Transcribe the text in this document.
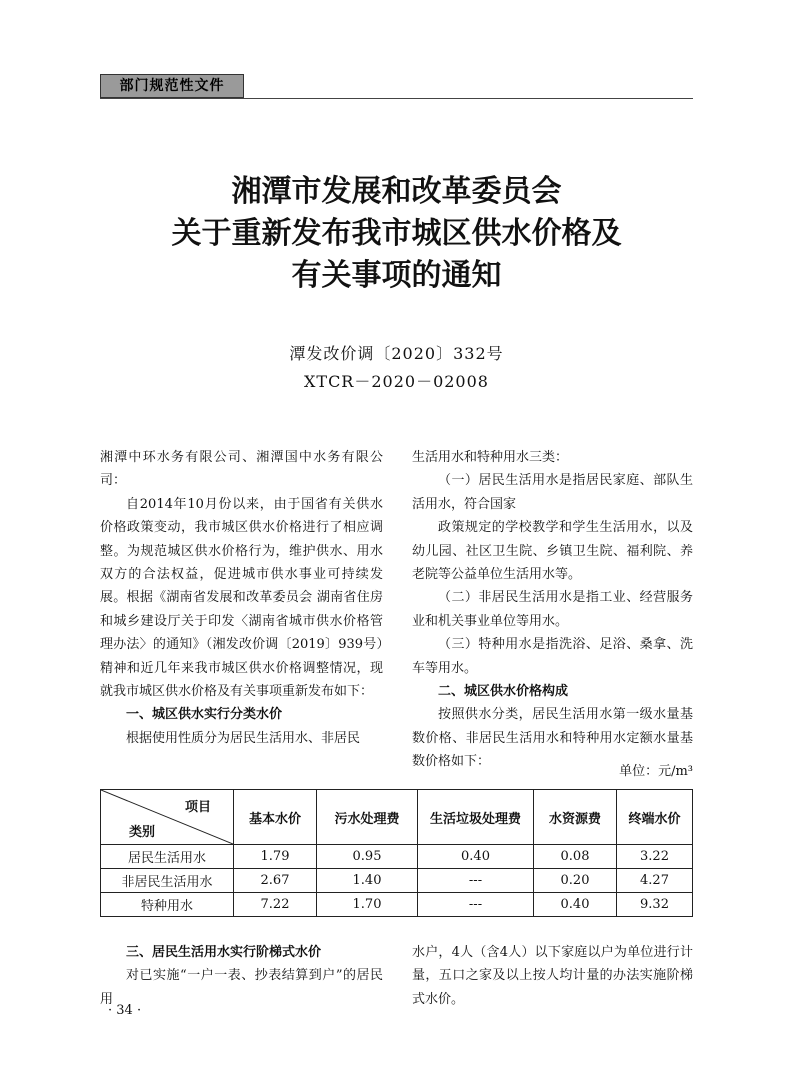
部门规范性文件
湘潭市发展和改革委员会
关于重新发布我市城区供水价格及
有关事项的通知
潭发改价调〔2020〕332号
XTCR－2020－02008

湘潭中环水务有限公司、湘潭国中水务有限公司：

自2014年10月份以来，由于国省有关供水价格政策变动，我市城区供水价格进行了相应调整。为规范城区供水价格行为，维护供水、用水双方的合法权益，促进城市供水事业可持续发展。根据《湖南省发展和改革委员会 湖南省住房和城乡建设厅关于印发〈湖南省城市供水价格管理办法〉的通知》（湘发改价调〔2019〕939号）精神和近几年来我市城区供水价格调整情况，现就我市城区供水价格及有关事项重新发布如下：

一、城区供水实行分类水价

根据使用性质分为居民生活用水、非居民

生活用水和特种用水三类：

（一）居民生活用水是指居民家庭、部队生活用水，符合国家

政策规定的学校教学和学生生活用水，以及幼儿园、社区卫生院、乡镇卫生院、福利院、养老院等公益单位生活用水等。

（二）非居民生活用水是指工业、经营服务业和机关事业单位等用水。

（三）特种用水是指洗浴、足浴、桑拿、洗车等用水。

二、城区供水价格构成

按照供水分类，居民生活用水第一级水量基数价格、非居民生活用水和特种用水定额水量基数价格如下：

单位：元/m³
项目
类别	基本水价	污水处理费	生活垃圾处理费	水资源费	终端水价
居民生活用水	1.79	0.95	0.40	0.08	3.22
非居民生活用水	2.67	1.40	---	0.20	4.27
特种用水	7.22	1.70	---	0.40	9.32

三、居民生活用水实行阶梯式水价

对已实施“一户一表、抄表结算到户”的居民用

水户，4人（含4人）以下家庭以户为单位进行计量，五口之家及以上按人均计量的办法实施阶梯式水价。

· 34 ·
